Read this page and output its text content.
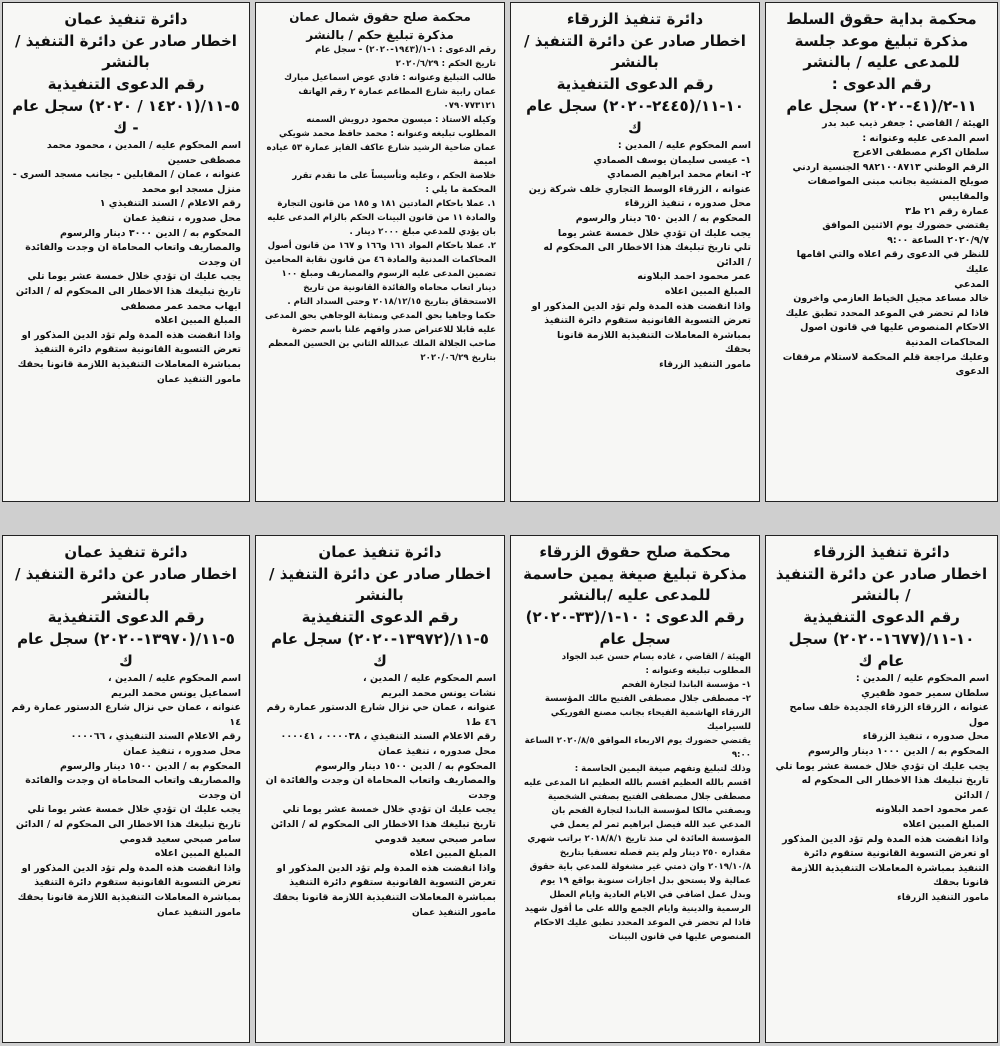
محكمة بداية حقوق السلط

مذكرة تبليغ موعد جلسة للمدعى عليه / بالنشر

رقم الدعوى : ١١-٢/(٤١-٢٠٢٠) سجل عام

الهيئة / القاضي : جعفر ذيب عبد بدر

اسم المدعى عليه وعنوانه :

سلطان اكرم مصطفى الاعرج

الرقم الوطني ٩٨٢١٠٠٨٧١٣ الجنسية اردني

صويلح المنشية بجانب مبنى المواصفات والمقاييس

عمارة رقم ٢١ ط٣

يقتضي حضورك يوم الاثنين الموافق

٢٠٢٠/٩/٧ الساعة ٩:٠٠

للنظر في الدعوى رقم اعلاه والتي اقامها عليك

المدعي

خالد مساعد مجيل الخياط العازمي واخرون

فاذا لم تحضر في الموعد المحدد تطبق عليك

الاحكام المنصوص عليها في قانون اصول

المحاكمات المدنية

وعليك مراجعة قلم المحكمة لاستلام مرفقات

الدعوى

دائرة تنفيذ الزرقاء

اخطار صادر عن دائرة التنفيذ / بالنشر

رقم الدعوى التنفيذية ١٠-١١/(٢٤٤٥-٢٠٢٠) سجل عام ك

اسم المحكوم عليه / المدين :

١- عيسى سليمان يوسف الصمادي

٢- انعام محمد ابراهيم الصمادي

عنوانه ، الزرقاء الوسط التجاري خلف شركة زين

محل صدوره ، تنفيذ الزرقاء

المحكوم به / الدين ٦٥٠ دينار والرسوم

يجب عليك ان تؤدي خلال خمسة عشر يوما

تلي تاريخ تبليغك هذا الاخطار الى المحكوم له

/ الدائن

عمر محمود احمد البلاونه

المبلغ المبين اعلاه

واذا انقضت هذه المدة ولم تؤد الدين المذكور او

تعرض التسوية القانونية ستقوم دائرة التنفيذ

بمباشرة المعاملات التنفيذية اللازمة قانونا

بحقك

مامور التنفيذ الزرقاء

محكمة صلح حقوق شمال عمان

مذكرة تبليغ حكم / بالنشر

رقم الدعوى : ١-١/(١٩٤٣-٢٠٢٠) - سجل عام

تاريخ الحكم : ٢٠٢٠/٦/٢٩

طالب التبليغ وعنوانه : فادي عوض اسماعيل مبارك

عمان رابية شارع المطاعم عمارة ٢ رقم الهاتف ٠٧٩٠٧٧٣١٢١

وكيله الاستاذ : ميسون محمود درويش السمنه

المطلوب تبليغه وعنوانه : محمد حافظ محمد شويكي

عمان ضاحية الرشيد شارع عاكف الفايز عمارة ٥٣ عياده اميمة

خلاصة الحكم ، وعليه وتأسيساً على ما تقدم تقرر المحكمة ما يلي :

١. عملا باحكام المادتين ١٨١ و ١٨٥ من قانون التجارة والمادة ١١ من قانون البينات الحكم بالزام المدعى عليه بان يؤدي للمدعي مبلغ ٢٠٠٠ دينار .

٢. عملا باحكام المواد ١٦١ و١٦٦ و ١٦٧ من قانون أصول المحاكمات المدنية والمادة ٤٦ من قانون نقابة المحامين تضمين المدعى عليه الرسوم والمصاريف ومبلغ ١٠٠ دينار اتعاب محاماه والفائدة القانونية من تاريخ الاستحقاق بتاريخ ٢٠١٨/١٢/١٥ وحتى السداد التام .

حكما وجاهيا بحق المدعي وبمثابة الوجاهي بحق المدعى عليه قابلا للاعتراض صدر وافهم علنا باسم حضرة صاحب الجلالة الملك عبدالله الثاني بن الحسين المعظم بتاريخ ٢٠٢٠/٠٦/٢٩

دائرة تنفيذ عمان

اخطار صادر عن دائرة التنفيذ / بالنشر

رقم الدعوى التنفيذية ٥-١١/(١٤٢٠١ / ٢٠٢٠) سجل عام - ك

اسم المحكوم عليه / المدين ، محمود محمد مصطفى حسين

عنوانه ، عمان / المقابلين - بجانب مسجد السرى - منزل مسجد ابو محمد

رقم الاعلام / السند التنفيذي ١

محل صدوره ، تنفيذ عمان

المحكوم به / الدين ٣٠٠٠ دينار والرسوم والمصاريف واتعاب المحاماة ان وجدت والفائدة ان وجدت

يجب عليك ان تؤدي خلال خمسة عشر يوما تلي تاريخ تبليغك هذا الاخطار الى المحكوم له / الدائن

ايهاب محمد عمر مصطفى

المبلغ المبين اعلاه

واذا انقضت هذه المدة ولم تؤد الدين المذكور او تعرض التسوية القانونية ستقوم دائرة التنفيذ بمباشرة المعاملات التنفيذية اللازمة قانونا بحقك

مامور التنفيذ عمان

دائرة تنفيذ الزرقاء

اخطار صادر عن دائرة التنفيذ / بالنشر

رقم الدعوى التنفيذية ١٠-١١/(١٦٧٧-٢٠٢٠) سجل عام ك

اسم المحكوم عليه / المدين :

سلطان سمير حمود ظفيري

عنوانه ، الزرقاء الزرقاء الجديدة خلف سامح مول

محل صدوره ، تنفيذ الزرقاء

المحكوم به / الدين ١٠٠٠ دينار والرسوم

يجب عليك ان تؤدي خلال خمسة عشر يوما تلي تاريخ تبليغك هذا الاخطار الى المحكوم له

/ الدائن

عمر محمود احمد البلاونه

المبلغ المبين اعلاه

واذا انقضت هذه المدة ولم تؤد الدين المذكور او تعرض التسوية القانونية ستقوم دائرة التنفيذ بمباشرة المعاملات التنفيذية اللازمة قانونا بحقك

مامور التنفيذ الزرقاء

محكمة صلح حقوق الزرقاء

مذكرة تبليغ صيغة يمين حاسمة للمدعى عليه /بالنشر

رقم الدعوى : ١٠-١/(٣٣-٢٠٢٠) سجل عام

الهيئة / القاضي ، غاده بسام حسن عبد الجواد

المطلوب تبليغه وعنوانه :

١- مؤسسة الباندا لتجارة الفحم

٢- مصطفى جلال مصطفى الفتيح مالك المؤسسة الزرقاء الهاشمية الفيحاء بجانب مصنع الفوريكي للسيراميك

يقتضي حضورك يوم الاربعاء الموافق ٢٠٢٠/٨/٥ الساعة ٩:٠٠

وذلك لتبليغ وتفهم صيغة اليمين الحاسمة :

اقسم بالله العظيم اقسم بالله العظيم انا المدعى عليه مصطفى جلال مصطفى الفتيح بصفتي الشخصية وبصفتي مالكا لمؤسسة الباندا لتجارة الفحم بان المدعي عبد الله فيصل ابراهيم ثمر لم يعمل في المؤسسة العائدة لي منذ تاريخ ٢٠١٨/٨/١ براتب شهري مقداره ٢٥٠ دينار ولم يتم فصله تعسفيا بتاريخ ٢٠١٩/١٠/٨ وان ذمتي غير مشغولة للمدعي باية حقوق عمالية ولا يستحق بدل اجازات سنوية بواقع ١٩ يوم وبدل عمل اضافي في الايام العادية وايام العطل الرسمية والدينية وايام الجمع والله على ما أقول شهيد

فاذا لم تحضر في الموعد المحدد تطبق عليك الاحكام المنصوص عليها في قانون البينات

دائرة تنفيذ عمان

اخطار صادر عن دائرة التنفيذ / بالنشر

رقم الدعوى التنفيذية ٥-١١/(١٣٩٧٢-٢٠٢٠) سجل عام ك

اسم المحكوم عليه / المدين ،

نشات يونس محمد البريم

عنوانه ، عمان حي نزال شارع الدستور عمارة رقم ٤٦ ط١

رقم الاعلام السند التنفيذي ، ٠٠٠٠٣٨ ، ٠٠٠٠٤١

محل صدوره ، تنفيذ عمان

المحكوم به / الدين ١٥٠٠ دينار والرسوم والمصاريف واتعاب المحاماة ان وجدت والفائدة ان وجدت

يجب عليك ان تؤدي خلال خمسة عشر يوما تلي تاريخ تبليغك هذا الاخطار الى المحكوم له / الدائن

سامر صبحي سعيد قدومي

المبلغ المبين اعلاه

واذا انقضت هذه المدة ولم تؤد الدين المذكور او تعرض التسوية القانونية ستقوم دائرة التنفيذ بمباشرة المعاملات التنفيذية اللازمة قانونا بحقك

مامور التنفيذ عمان

دائرة تنفيذ عمان

اخطار صادر عن دائرة التنفيذ / بالنشر

رقم الدعوى التنفيذية ٥-١١/(١٣٩٧٠-٢٠٢٠) سجل عام ك

اسم المحكوم عليه / المدين ،

اسماعيل يونس محمد البريم

عنوانه ، عمان حي نزال شارع الدستور عمارة رقم ١٤

رقم الاعلام السند التنفيذي ، ٠٠٠٠٦٦

محل صدوره ، تنفيذ عمان

المحكوم به / الدين ١٥٠٠ دينار والرسوم والمصاريف واتعاب المحاماة ان وجدت والفائدة ان وجدت

يجب عليك ان تؤدي خلال خمسة عشر يوما تلي تاريخ تبليغك هذا الاخطار الى المحكوم له / الدائن

سامر صبحي سعيد قدومي

المبلغ المبين اعلاه

واذا انقضت هذه المدة ولم تؤد الدين المذكور او تعرض التسوية القانونية ستقوم دائرة التنفيذ بمباشرة المعاملات التنفيذية اللازمة قانونا بحقك

مامور التنفيذ عمان
